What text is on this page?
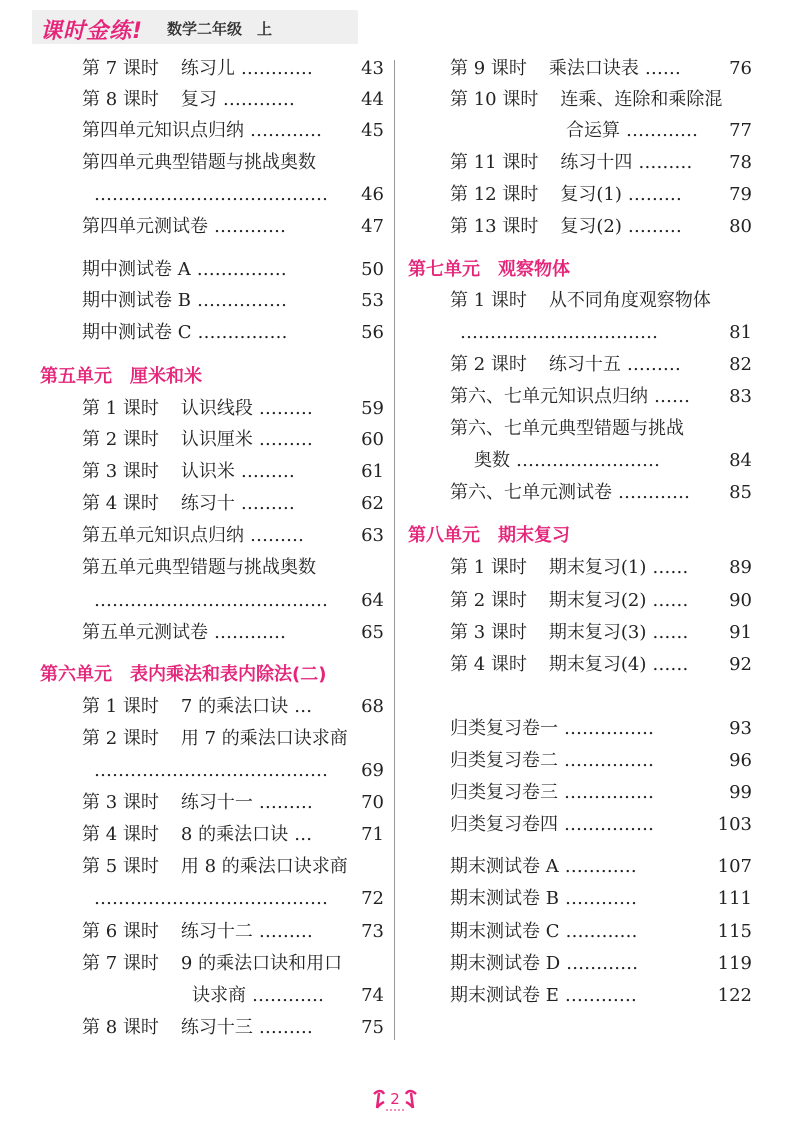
课时金练! 数学二年级　上
第 7 课时 练习儿 …………	43
第 8 课时 复习 …………	44
第四单元知识点归纳 ………… 45
第四单元典型错题与挑战奥数
………………………………… 46
第四单元测试卷 …………	47
期中测试卷 A ……………	50
期中测试卷 B ……………	53
期中测试卷 C ……………	56
第五单元　厘米和米
第 1 课时 认识线段 ………	59
第 2 课时 认识厘米 ………	60
第 3 课时 认识米 ………	61
第 4 课时 练习十 ………	62
第五单元知识点归纳 ………	63
第五单元典型错题与挑战奥数
………………………………… 64
第五单元测试卷 …………	65
第六单元　表内乘法和表内除法(二)
第 1 课时 7 的乘法口诀 …	68
第 2 课时 用 7 的乘法口诀求商
………………………………… 69
第 3 课时 练习十一 ………	70
第 4 课时 8 的乘法口诀 …	71
第 5 课时 用 8 的乘法口诀求商
………………………………… 72
第 6 课时 练习十二 ………	73
第 7 课时 9 的乘法口诀和用口
诀求商 ………… 74
第 8 课时 练习十三 ………	75
第 9 课时 乘法口诀表 ……	76
第 10 课时 连乘、连除和乘除混
合运算 ………… 77
第 11 课时 练习十四 ……… 78
第 12 课时 复习(1) ………	79
第 13 课时 复习(2) ………	80
第七单元　观察物体
第 1 课时 从不同角度观察物体
……………………………	81
第 2 课时 练习十五 ………	82
第六、七单元知识点归纳 …… 83
第六、七单元典型错题与挑战
奥数 ……………………	84
第六、七单元测试卷 ………… 85
第八单元　期末复习
第 1 课时 期末复习(1) …… 89
第 2 课时 期末复习(2) …… 90
第 3 课时 期末复习(3) …… 91
第 4 课时 期末复习(4) …… 92
归类复习卷一 ……………	93
归类复习卷二 ……………	96
归类复习卷三 ……………	99
归类复习卷四 ……………	103
期末测试卷 A …………	107
期末测试卷 B …………	111
期末测试卷 C …………	115
期末测试卷 D …………	119
期末测试卷 E …………	122
2
